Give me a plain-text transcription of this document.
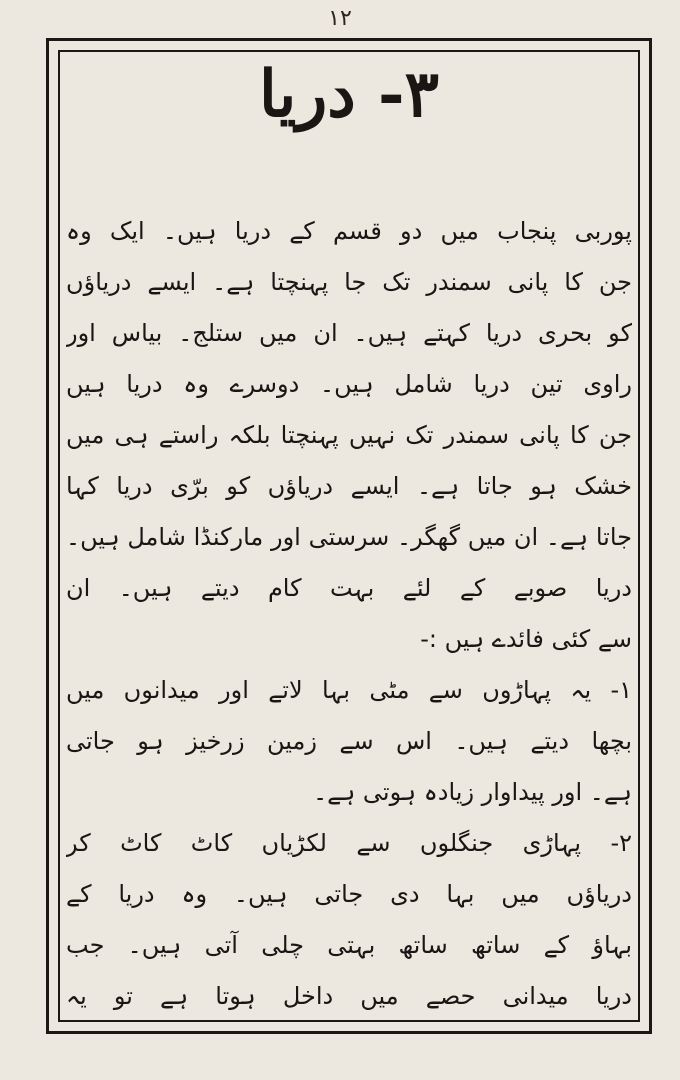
۱۲
۳- دریا
پوربی پنجاب میں دو قسم کے دریا ہیں۔ ایک وہ
جن کا پانی سمندر تک جا پہنچتا ہے۔ ایسے دریاؤں
کو بحری دریا کہتے ہیں۔ ان میں ستلج۔ بیاس اور
راوی تین دریا شامل ہیں۔ دوسرے وہ دریا ہیں
جن کا پانی سمندر تک نہیں پہنچتا بلکہ راستے ہی میں
خشک ہو جاتا ہے۔ ایسے دریاؤں کو برّی دریا کہا
جاتا ہے۔ ان میں گھگر۔ سرستی اور مارکنڈا شامل ہیں۔
دریا صوبے کے لئے بہت کام دیتے ہیں۔ ان
سے کئی فائدے ہیں :-
۱- یہ پہاڑوں سے مٹی بہا لاتے اور میدانوں میں
بچھا دیتے ہیں۔ اس سے زمین زرخیز ہو جاتی
ہے۔ اور پیداوار زیادہ ہوتی ہے۔
۲- پہاڑی جنگلوں سے لکڑیاں کاٹ کاٹ کر
دریاؤں میں بہا دی جاتی ہیں۔ وہ دریا کے
بہاؤ کے ساتھ ساتھ بہتی چلی آتی ہیں۔ جب
دریا میدانی حصے میں داخل ہوتا ہے تو یہ
